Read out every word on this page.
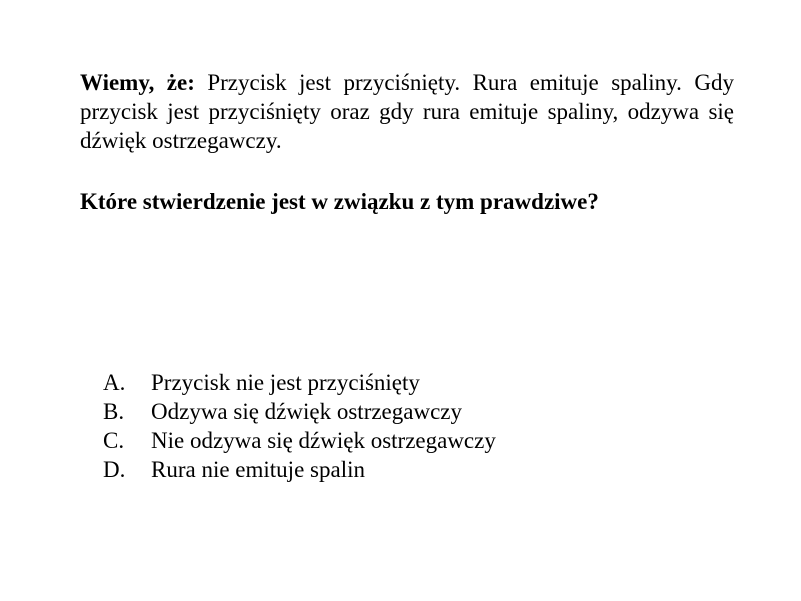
Wiemy, że: Przycisk jest przyciśnięty. Rura emituje spaliny. Gdy przycisk jest przyciśnięty oraz gdy rura emituje spaliny, odzywa się dźwięk ostrzegawczy.

Które stwierdzenie jest w związku z tym prawdziwe?

A.	Przycisk nie jest przyciśnięty
B.	Odzywa się dźwięk ostrzegawczy
C.	Nie odzywa się dźwięk ostrzegawczy
D.	Rura nie emituje spalin
